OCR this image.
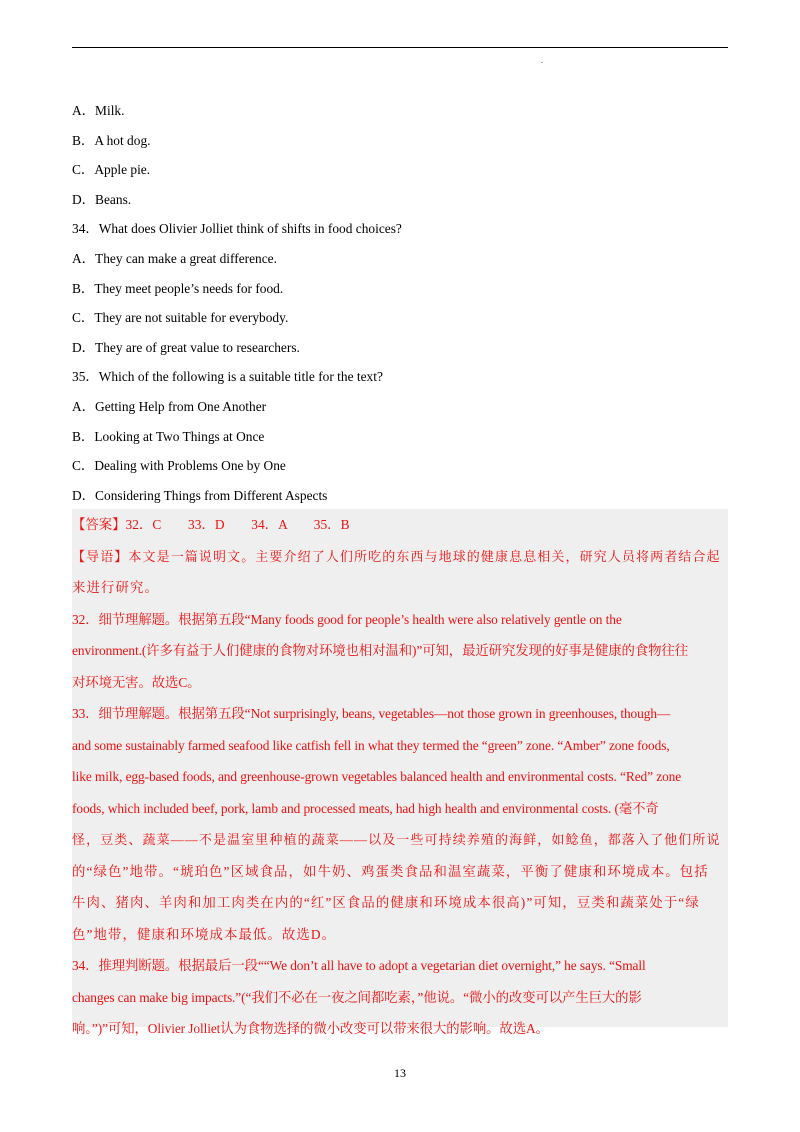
.
A．Milk.
B．A hot dog.
C．Apple pie.
D．Beans.
34．What does Olivier Jolliet think of shifts in food choices?
A．They can make a great difference.
B．They meet people’s needs for food.
C．They are not suitable for everybody.
D．They are of great value to researchers.
35．Which of the following is a suitable title for the text?
A．Getting Help from One Another
B．Looking at Two Things at Once
C．Dealing with Problems One by One
D．Considering Things from Different Aspects
【答案】32．C　　33．D　　34．A　　35．B
【导语】本文是一篇说明文。主要介绍了人们所吃的东西与地球的健康息息相关，研究人员将两者结合起
来进行研究。
32．细节理解题。根据第五段“Many foods good for people’s health were also relatively gentle on the
environment.(许多有益于人们健康的食物对环境也相对温和)”可知，最近研究发现的好事是健康的食物往往
对环境无害。故选C。
33．细节理解题。根据第五段“Not surprisingly, beans, vegetables—not those grown in greenhouses, though—
and some sustainably farmed seafood like catfish fell in what they termed the “green” zone. “Amber” zone foods,
like milk, egg-based foods, and greenhouse-grown vegetables balanced health and environmental costs. “Red” zone
foods, which included beef, pork, lamb and processed meats, had high health and environmental costs. (毫不奇
怪，豆类、蔬菜——不是温室里种植的蔬菜——以及一些可持续养殖的海鲜，如鲶鱼，都落入了他们所说
的“绿色”地带。“琥珀色”区域食品，如牛奶、鸡蛋类食品和温室蔬菜，平衡了健康和环境成本。包括
牛肉、猪肉、羊肉和加工肉类在内的“红”区食品的健康和环境成本很高)”可知，豆类和蔬菜处于“绿
色”地带，健康和环境成本最低。故选D。
34．推理判断题。根据最后一段““We don’t all have to adopt a vegetarian diet overnight,” he says. “Small
changes can make big impacts.”(“我们不必在一夜之间都吃素，”他说。“微小的改变可以产生巨大的影
响。”)”可知，Olivier Jolliet认为食物选择的微小改变可以带来很大的影响。故选A。
13
